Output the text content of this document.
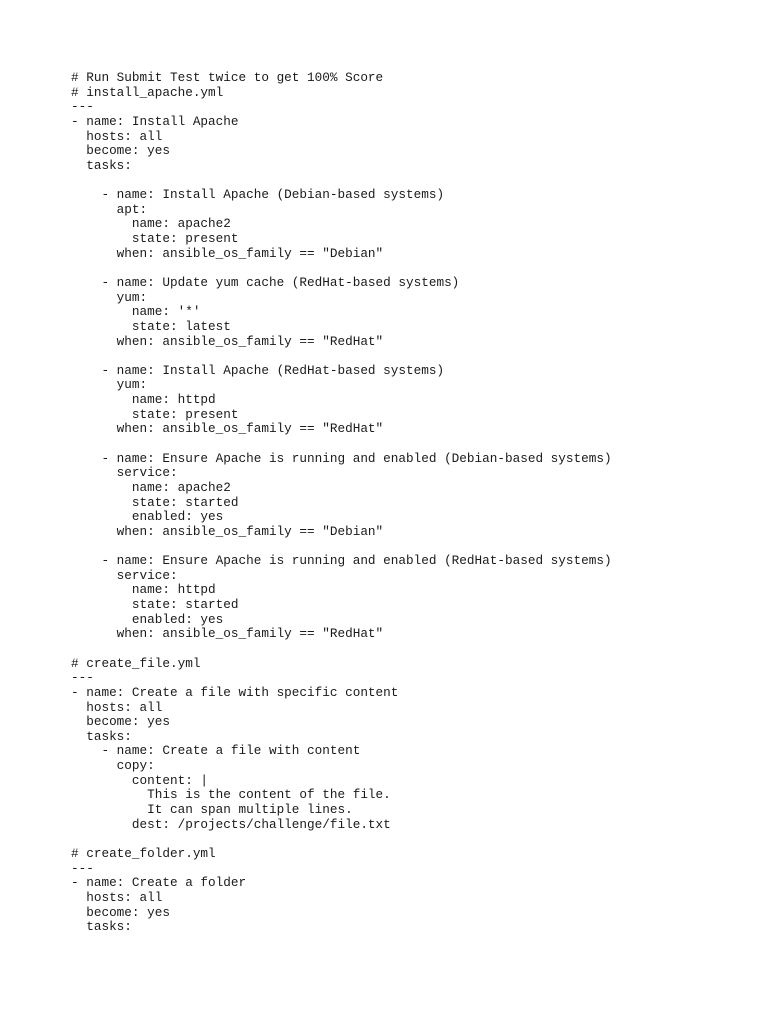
# Run Submit Test twice to get 100% Score
# install_apache.yml
---
- name: Install Apache
hosts: all
become: yes
tasks:
- name: Install Apache (Debian-based systems)
apt:
name: apache2
state: present
when: ansible_os_family == "Debian"
- name: Update yum cache (RedHat-based systems)
yum:
name: '*'
state: latest
when: ansible_os_family == "RedHat"
- name: Install Apache (RedHat-based systems)
yum:
name: httpd
state: present
when: ansible_os_family == "RedHat"
- name: Ensure Apache is running and enabled (Debian-based systems)
service:
name: apache2
state: started
enabled: yes
when: ansible_os_family == "Debian"
- name: Ensure Apache is running and enabled (RedHat-based systems)
service:
name: httpd
state: started
enabled: yes
when: ansible_os_family == "RedHat"
# create_file.yml
---
- name: Create a file with specific content
hosts: all
become: yes
tasks:
- name: Create a file with content
copy:
content: |
This is the content of the file.
It can span multiple lines.
dest: /projects/challenge/file.txt
# create_folder.yml
---
- name: Create a folder
hosts: all
become: yes
tasks:
